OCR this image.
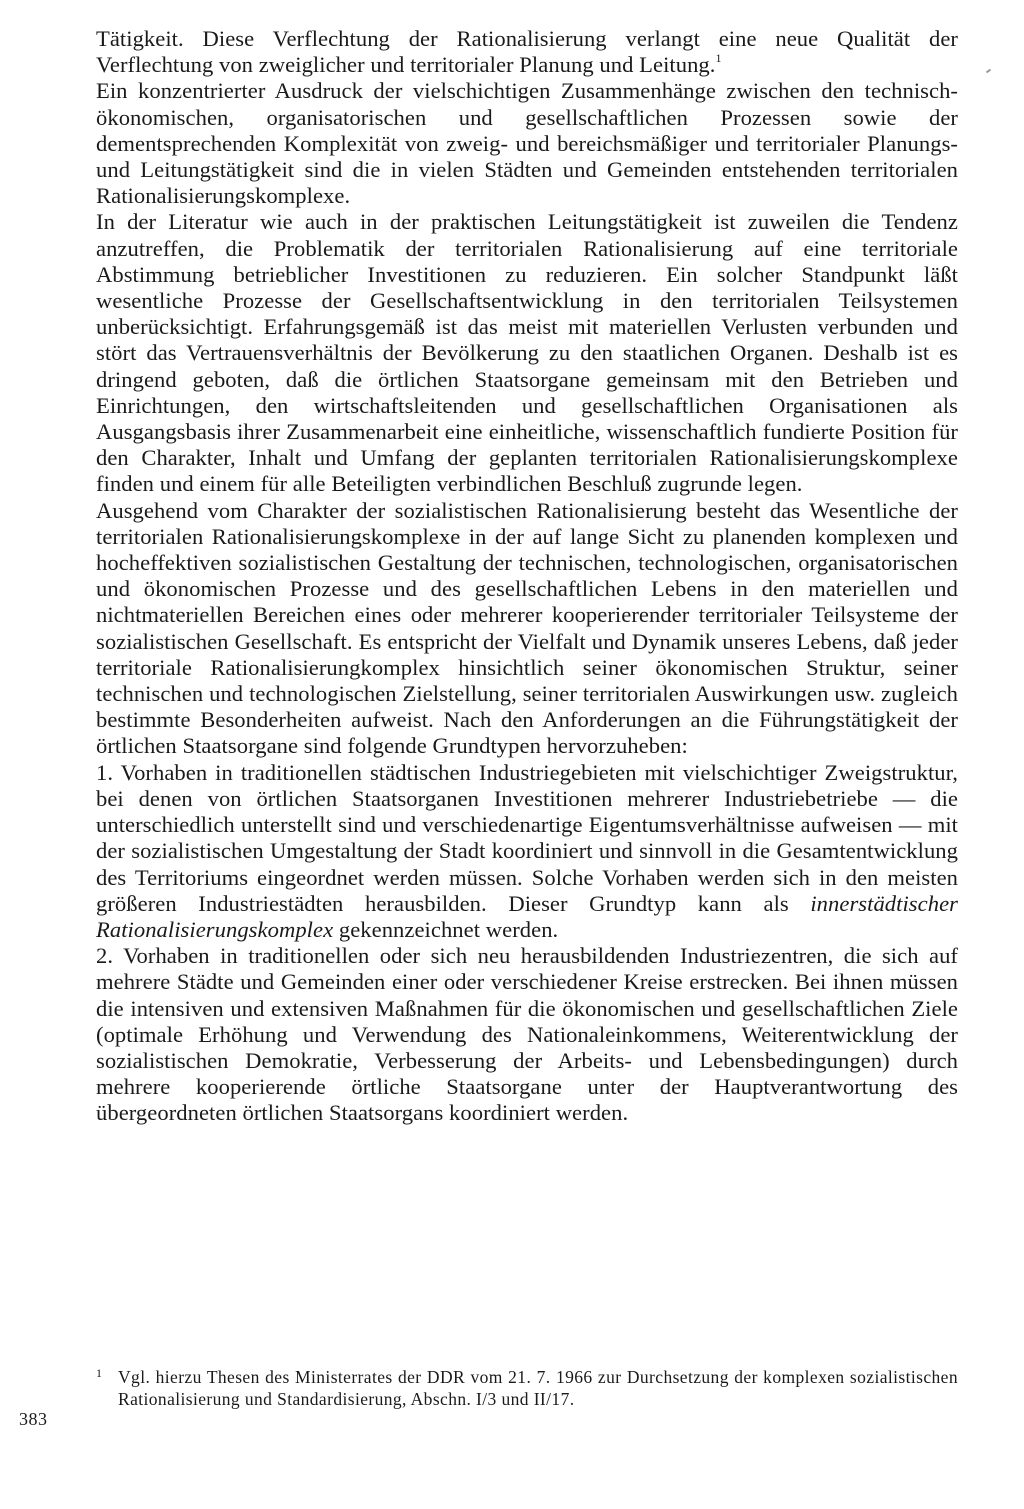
Tätigkeit. Diese Verflechtung der Rationalisierung verlangt eine neue Qualität der Verflechtung von zweiglicher und territorialer Planung und Leitung.$^1$

Ein konzentrierter Ausdruck der vielschichtigen Zusammenhänge zwischen den technisch-ökonomischen, organisatorischen und gesellschaftlichen Prozessen sowie der dementsprechenden Komplexität von zweig- und bereichsmäßiger und territorialer Planungs- und Leitungstätigkeit sind die in vielen Städten und Gemeinden entstehenden territorialen Rationalisierungskomplexe.

In der Literatur wie auch in der praktischen Leitungstätigkeit ist zuweilen die Tendenz anzutreffen, die Problematik der territorialen Rationalisierung auf eine territoriale Abstimmung betrieblicher Investitionen zu reduzieren. Ein solcher Standpunkt läßt wesentliche Prozesse der Gesellschaftsentwicklung in den territorialen Teilsystemen unberücksichtigt. Erfahrungsgemäß ist das meist mit materiellen Verlusten verbunden und stört das Vertrauensverhältnis der Bevölkerung zu den staatlichen Organen. Deshalb ist es dringend geboten, daß die örtlichen Staatsorgane gemeinsam mit den Betrieben und Einrichtungen, den wirtschaftsleitenden und gesellschaftlichen Organisationen als Ausgangsbasis ihrer Zusammenarbeit eine einheitliche, wissenschaftlich fundierte Position für den Charakter, Inhalt und Umfang der geplanten territorialen Rationalisierungskomplexe finden und einem für alle Beteiligten verbindlichen Beschluß zugrunde legen.

Ausgehend vom Charakter der sozialistischen Rationalisierung besteht das Wesentliche der territorialen Rationalisierungskomplexe in der auf lange Sicht zu planenden komplexen und hocheffektiven sozialistischen Gestaltung der technischen, technologischen, organisatorischen und ökonomischen Prozesse und des gesellschaftlichen Lebens in den materiellen und nichtmateriellen Bereichen eines oder mehrerer kooperierender territorialer Teilsysteme der sozialistischen Gesellschaft. Es entspricht der Vielfalt und Dynamik unseres Lebens, daß jeder territoriale Rationalisierungkomplex hinsichtlich seiner ökonomischen Struktur, seiner technischen und technologischen Zielstellung, seiner territorialen Auswirkungen usw. zugleich bestimmte Besonderheiten aufweist. Nach den Anforderungen an die Führungstätigkeit der örtlichen Staatsorgane sind folgende Grundtypen hervorzuheben:

1. Vorhaben in traditionellen städtischen Industriegebieten mit vielschichtiger Zweigstruktur, bei denen von örtlichen Staatsorganen Investitionen mehrerer Industriebetriebe — die unterschiedlich unterstellt sind und verschiedenartige Eigentumsverhältnisse aufweisen — mit der sozialistischen Umgestaltung der Stadt koordiniert und sinnvoll in die Gesamtentwicklung des Territoriums eingeordnet werden müssen. Solche Vorhaben werden sich in den meisten größeren Industriestädten herausbilden. Dieser Grundtyp kann als innerstädtischer Rationalisierungskomplex gekennzeichnet werden.

2. Vorhaben in traditionellen oder sich neu herausbildenden Industriezentren, die sich auf mehrere Städte und Gemeinden einer oder verschiedener Kreise erstrecken. Bei ihnen müssen die intensiven und extensiven Maßnahmen für die ökonomischen und gesellschaftlichen Ziele (optimale Erhöhung und Verwendung des Nationaleinkommens, Weiterentwicklung der sozialistischen Demokratie, Verbesserung der Arbeits- und Lebensbedingungen) durch mehrere kooperierende örtliche Staatsorgane unter der Hauptverantwortung des übergeordneten örtlichen Staatsorgans koordiniert werden.

1 Vgl. hierzu Thesen des Ministerrates der DDR vom 21. 7. 1966 zur Durchsetzung der komplexen sozialistischen Rationalisierung und Standardisierung, Abschn. I/3 und II/17.
383
